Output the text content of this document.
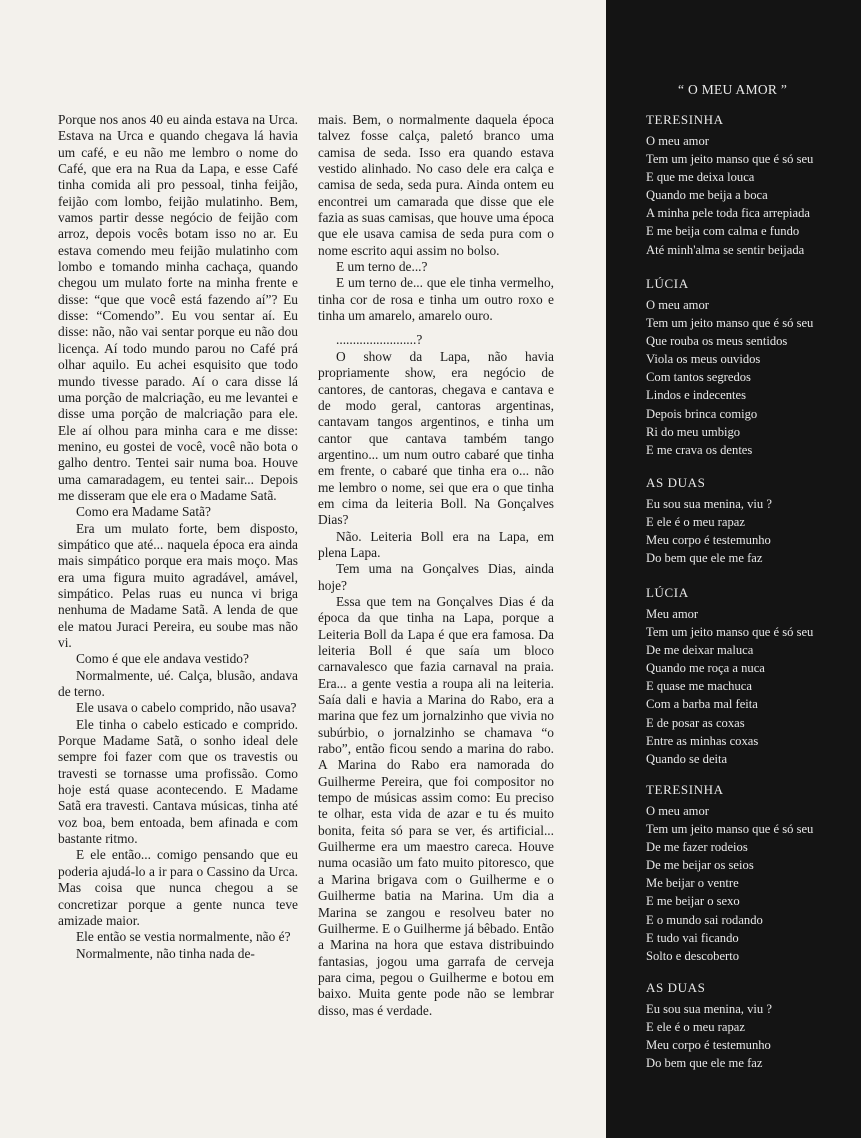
Porque nos anos 40 eu ainda estava na Urca. Estava na Urca e quando chegava lá havia um café, e eu não me lembro o nome do Café, que era na Rua da Lapa, e esse Café tinha comida ali pro pessoal, tinha feijão, feijão com lombo, feijão mulatinho. Bem, vamos partir desse negócio de feijão com arroz, depois vocês botam isso no ar. Eu estava comendo meu feijão mulatinho com lombo e tomando minha cachaça, quando chegou um mulato forte na minha frente e disse: “que que você está fazendo aí”? Eu disse: “Comendo”. Eu vou sentar aí. Eu disse: não, não vai sentar porque eu não dou licença. Aí todo mundo parou no Café prá olhar aquilo. Eu achei esquisito que todo mundo tivesse parado. Aí o cara disse lá uma porção de malcriação, eu me levantei e disse uma porção de malcriação para ele. Ele aí olhou para minha cara e me disse: menino, eu gostei de você, você não bota o galho dentro. Tentei sair numa boa. Houve uma camaradagem, eu tentei sair... Depois me disseram que ele era o Madame Satã.

Como era Madame Satã?

Era um mulato forte, bem disposto, simpático que até... naquela época era ainda mais simpático porque era mais moço. Mas era uma figura muito agradável, amável, simpático. Pelas ruas eu nunca vi briga nenhuma de Madame Satã. A lenda de que ele matou Juraci Pereira, eu soube mas não vi.

Como é que ele andava vestido?

Normalmente, ué. Calça, blusão, andava de terno.

Ele usava o cabelo comprido, não usava?

Ele tinha o cabelo esticado e comprido. Porque Madame Satã, o sonho ideal dele sempre foi fazer com que os travestis ou travesti se tornasse uma profissão. Como hoje está quase acontecendo. E Madame Satã era travesti. Cantava músicas, tinha até voz boa, bem entoada, bem afinada e com bastante ritmo.

E ele então... comigo pensando que eu poderia ajudá-lo a ir para o Cassino da Urca. Mas coisa que nunca chegou a se concretizar porque a gente nunca teve amizade maior.

Ele então se vestia normalmente, não é?

Normalmente, não tinha nada de-

mais. Bem, o normalmente daquela época talvez fosse calça, paletó branco uma camisa de seda. Isso era quando estava vestido alinhado. No caso dele era calça e camisa de seda, seda pura. Ainda ontem eu encontrei um camarada que disse que ele fazia as suas camisas, que houve uma época que ele usava camisa de seda pura com o nome escrito aqui assim no bolso.

E um terno de...?

E um terno de... que ele tinha vermelho, tinha cor de rosa e tinha um outro roxo e tinha um amarelo, amarelo ouro.

........................?

O show da Lapa, não havia propriamente show, era negócio de cantores, de cantoras, chegava e cantava e de modo geral, cantoras argentinas, cantavam tangos argentinos, e tinha um cantor que cantava também tango argentino... um num outro cabaré que tinha em frente, o cabaré que tinha era o... não me lembro o nome, sei que era o que tinha em cima da leiteria Boll. Na Gonçalves Dias?

Não. Leiteria Boll era na Lapa, em plena Lapa.

Tem uma na Gonçalves Dias, ainda hoje?

Essa que tem na Gonçalves Dias é da época da que tinha na Lapa, porque a Leiteria Boll da Lapa é que era famosa. Da leiteria Boll é que saía um bloco carnavalesco que fazia carnaval na praia. Era... a gente vestia a roupa ali na leiteria. Saía dali e havia a Marina do Rabo, era a marina que fez um jornalzinho que vivia no subúrbio, o jornalzinho se chamava “o rabo”, então ficou sendo a marina do rabo. A Marina do Rabo era namorada do Guilherme Pereira, que foi compositor no tempo de músicas assim como: Eu preciso te olhar, esta vida de azar e tu és muito bonita, feita só para se ver, és artificial... Guilherme era um maestro careca. Houve numa ocasião um fato muito pitoresco, que a Marina brigava com o Guilherme e o Guilherme batia na Marina. Um dia a Marina se zangou e resolveu bater no Guilherme. E o Guilherme já bêbado. Então a Marina na hora que estava distribuindo fantasias, jogou uma garrafa de cerveja para cima, pegou o Guilherme e botou em baixo. Muita gente pode não se lembrar disso, mas é verdade.

“ O MEU AMOR ”
TERESINHA
O meu amor
Tem um jeito manso que é só seu
E que me deixa louca
Quando me beija a boca
A minha pele toda fica arrepiada
E me beija com calma e fundo
Até minh'alma se sentir beijada
LÚCIA
O meu amor
Tem um jeito manso que é só seu
Que rouba os meus sentidos
Viola os meus ouvidos
Com tantos segredos
Lindos e indecentes
Depois brinca comigo
Ri do meu umbigo
E me crava os dentes
AS DUAS
Eu sou sua menina, viu ?
E ele é o meu rapaz
Meu corpo é testemunho
Do bem que ele me faz
LÚCIA
Meu amor
Tem um jeito manso que é só seu
De me deixar maluca
Quando me roça a nuca
E quase me machuca
Com a barba mal feita
E de posar as coxas
Entre as minhas coxas
Quando se deita
TERESINHA
O meu amor
Tem um jeito manso que é só seu
De me fazer rodeios
De me beijar os seios
Me beijar o ventre
E me beijar o sexo
E o mundo sai rodando
E tudo vai ficando
Solto e descoberto
AS DUAS
Eu sou sua menina, viu ?
E ele é o meu rapaz
Meu corpo é testemunho
Do bem que ele me faz
